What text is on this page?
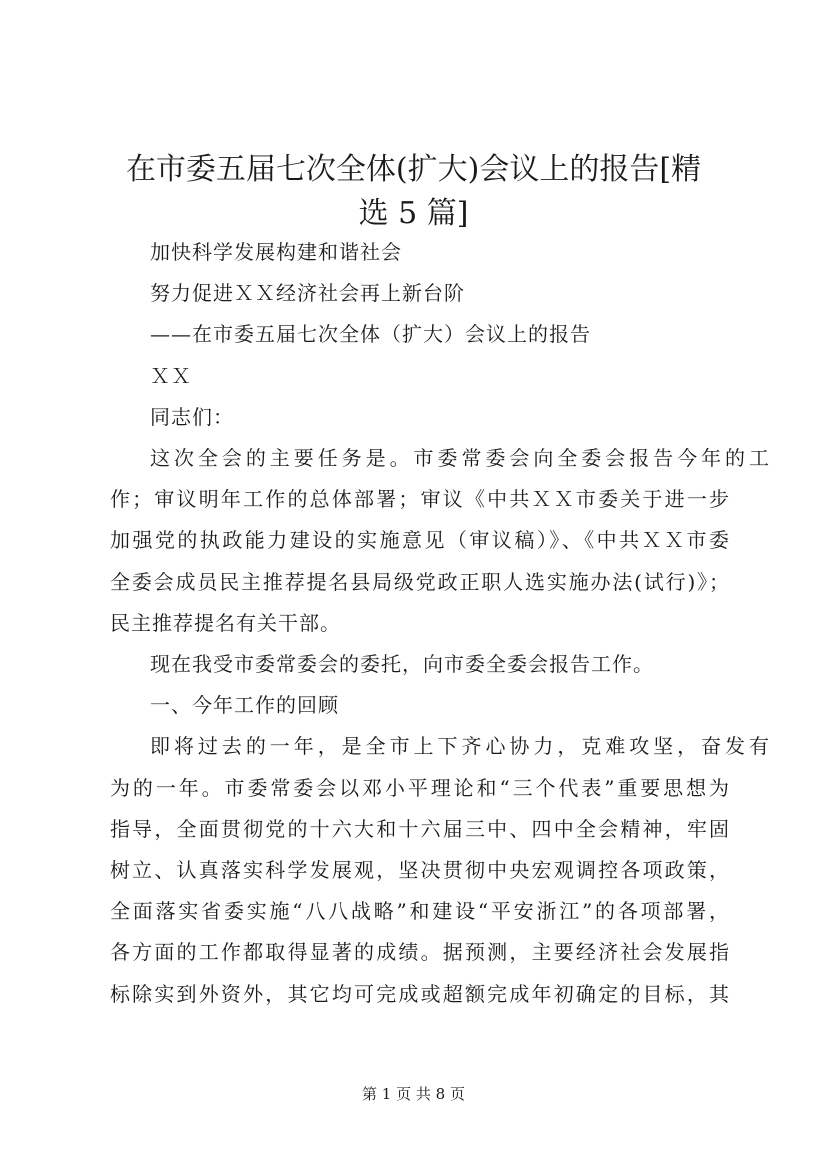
在市委五届七次全体(扩大)会议上的报告[精
选 5 篇]

加快科学发展构建和谐社会

努力促进ＸＸ经济社会再上新台阶

——在市委五届七次全体（扩大）会议上的报告

ＸＸ

同志们：

这次全会的主要任务是。市委常委会向全委会报告今年的工

作；审议明年工作的总体部署；审议《中共ＸＸ市委关于进一步

加强党的执政能力建设的实施意见（审议稿）》、《中共ＸＸ市委

全委会成员民主推荐提名县局级党政正职人选实施办法(试行)》；

民主推荐提名有关干部。

现在我受市委常委会的委托，向市委全委会报告工作。

一、今年工作的回顾

即将过去的一年，是全市上下齐心协力，克难攻坚，奋发有

为的一年。市委常委会以邓小平理论和“三个代表”重要思想为

指导，全面贯彻党的十六大和十六届三中、四中全会精神，牢固

树立、认真落实科学发展观，坚决贯彻中央宏观调控各项政策，

全面落实省委实施“八八战略”和建设“平安浙江”的各项部署，

各方面的工作都取得显著的成绩。据预测，主要经济社会发展指

标除实到外资外，其它均可完成或超额完成年初确定的目标，其

第 1 页 共 8 页
